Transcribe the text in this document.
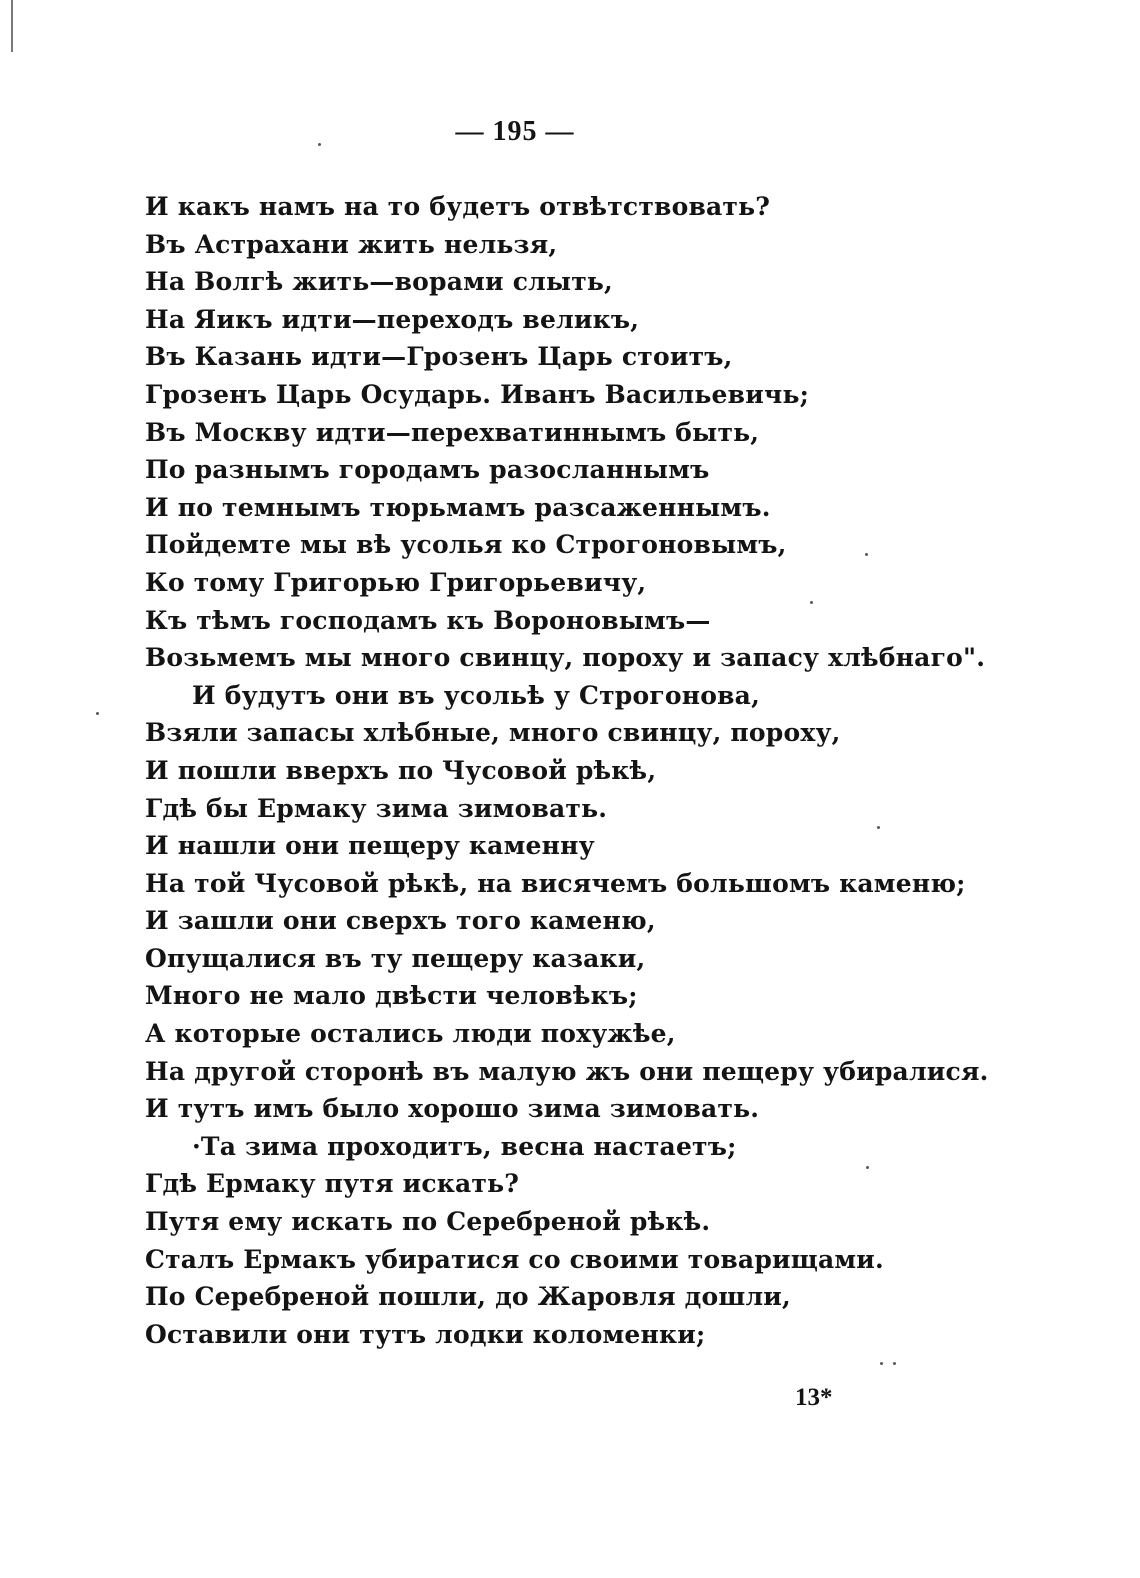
— 195 —
И какъ намъ на то будетъ отвѣтствовать?
Въ Астрахани жить нельзя,
На Волгѣ жить—ворами слыть,
На Яикъ идти—переходъ великъ,
Въ Казань идти—Грозенъ Царь стоитъ,
Грозенъ Царь Осударь. Иванъ Васильевичь;
Въ Москву идти—перехватиннымъ быть,
По разнымъ городамъ разосланнымъ
И по темнымъ тюрьмамъ разсаженнымъ.
Пойдемте мы вѣ усолья ко Строгоновымъ,
Ко тому Григорью Григорьевичу,
Къ тѣмъ господамъ къ Вороновымъ—
Возьмемъ мы много свинцу, пороху и запасу хлѣбнаго".
И будутъ они въ усольѣ у Строгонова,
Взяли запасы хлѣбные, много свинцу, пороху,
И пошли вверхъ по Чусовой рѣкѣ,
Гдѣ бы Ермаку зима зимовать.
И нашли они пещеру каменну
На той Чусовой рѣкѣ, на висячемъ большомъ каменю;
И зашли они сверхъ того каменю,
Опущалися въ ту пещеру казаки,
Много не мало двѣсти человѣкъ;
А которые остались люди похужѣе,
На другой сторонѣ въ малую жъ они пещеру убиралися.
И тутъ имъ было хорошо зима зимовать.
·Та зима проходитъ, весна настаетъ;
Гдѣ Ермаку путя искать?
Путя ему искать по Серебреной рѣкѣ.
Сталъ Ермакъ убиратися со своими товарищами.
По Серебреной пошли, до Жаровля дошли,
Оставили они тутъ лодки коломенки;
13*
